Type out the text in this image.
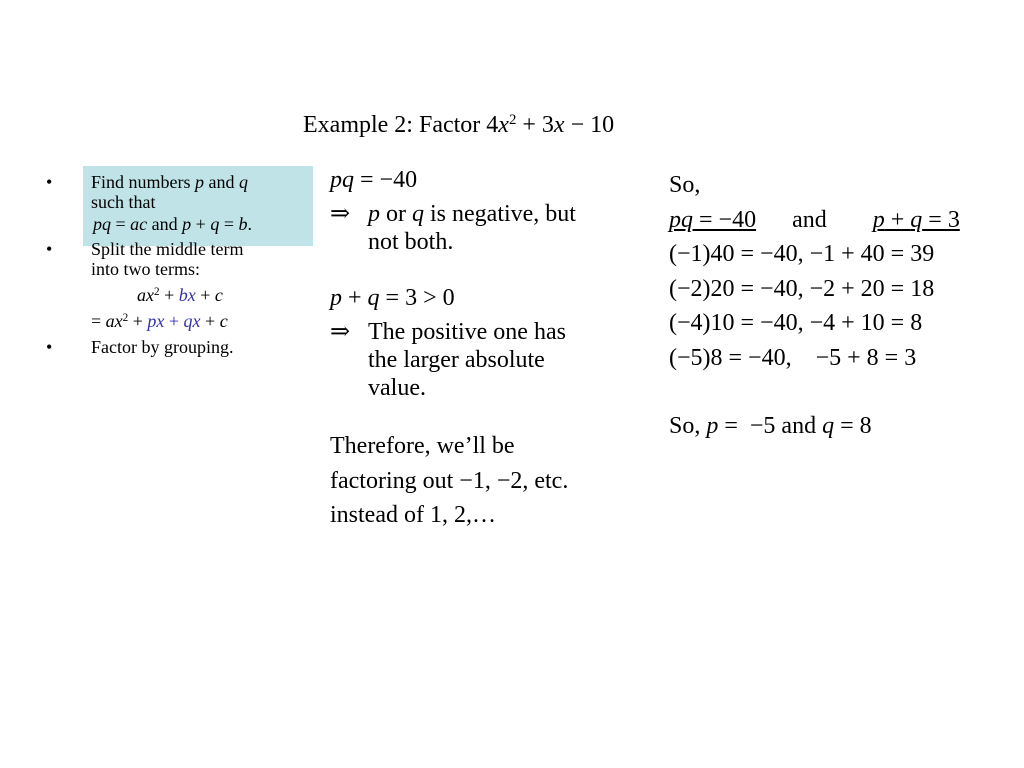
Example 2: Factor $4x^2 + 3x - 10$
• Find numbers p and q
such that
pq = ac and p + q = b.
• Split the middle term
into two terms:
$ax^2$ + bx + c
= $ax^2$ + px + qx + c
• Factor by grouping.
pq = −40
⇒ p or q is negative, but
not both.
p + q = 3 > 0
⇒ The positive one has
the larger absolute
value.
Therefore, we’ll be
factoring out −1, −2, etc.
instead of 1, 2,…
So,
pq = −40 and p + q = 3
(−1)40 = −40, −1 + 40 = 39
(−2)20 = −40, −2 + 20 = 18
(−4)10 = −40, −4 + 10 = 8
(−5)8 = −40,    −5 + 8 = 3
So, p =  −5 and q = 8
